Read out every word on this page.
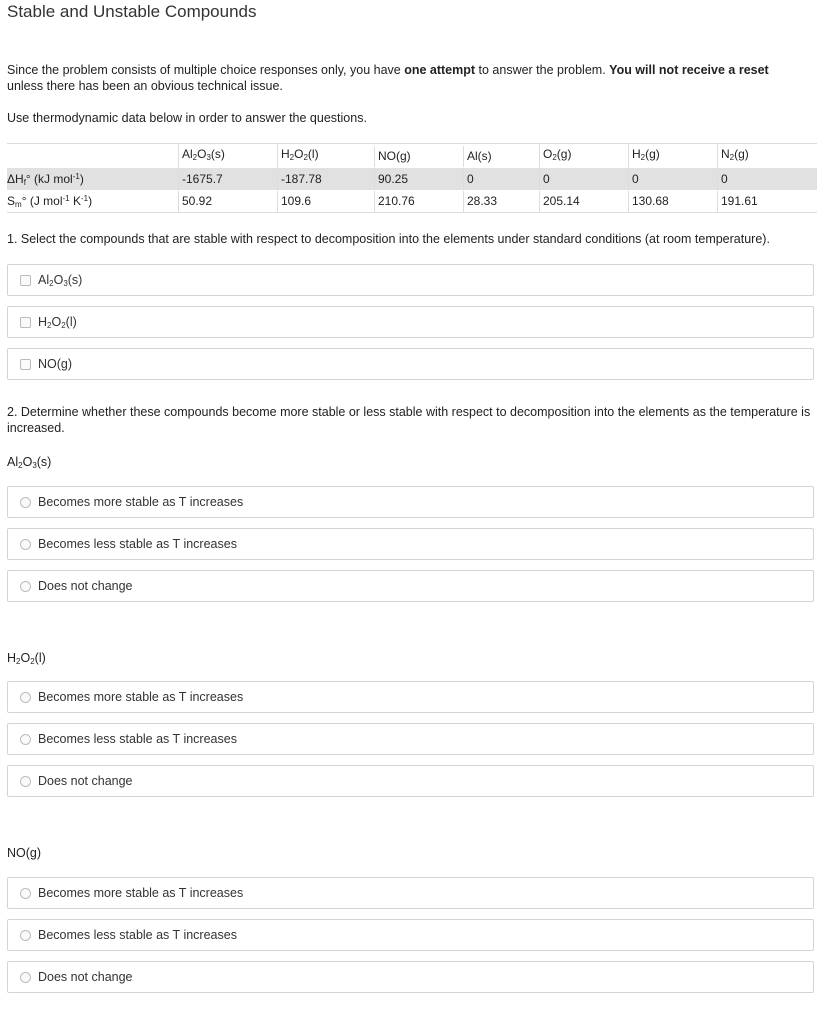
Stable and Unstable Compounds

Since the problem consists of multiple choice responses only, you have one attempt to answer the problem. You will not receive a reset
unless there has been an obvious technical issue.

Use thermodynamic data below in order to answer the questions.

	$Al_2O_3(s)$	$H_2O_2(l)$	NO(g)	Al(s)	$O_2(g)$	$H_2(g)$	$N_2(g)$

$\Delta H_f^\circ$ (kJ mol$^{-1}$)	-1675.7	-187.78	90.25	0	0	0	0

$S_m^\circ$ (J mol$^{-1}$ $K^{-1}$)	50.92	109.6	210.76	28.33	205.14	130.68	191.61

1. Select the compounds that are stable with respect to decomposition into the elements under standard conditions (at room temperature).

$Al_2O_3(s)$
$H_2O_2(l)$
NO(g)

2. Determine whether these compounds become more stable or less stable with respect to decomposition into the elements as the temperature is increased.

$Al_2O_3(s)$
Becomes more stable as T increases
Becomes less stable as T increases
Does not change
$H_2O_2(l)$
Becomes more stable as T increases
Becomes less stable as T increases
Does not change
NO(g)
Becomes more stable as T increases
Becomes less stable as T increases
Does not change
